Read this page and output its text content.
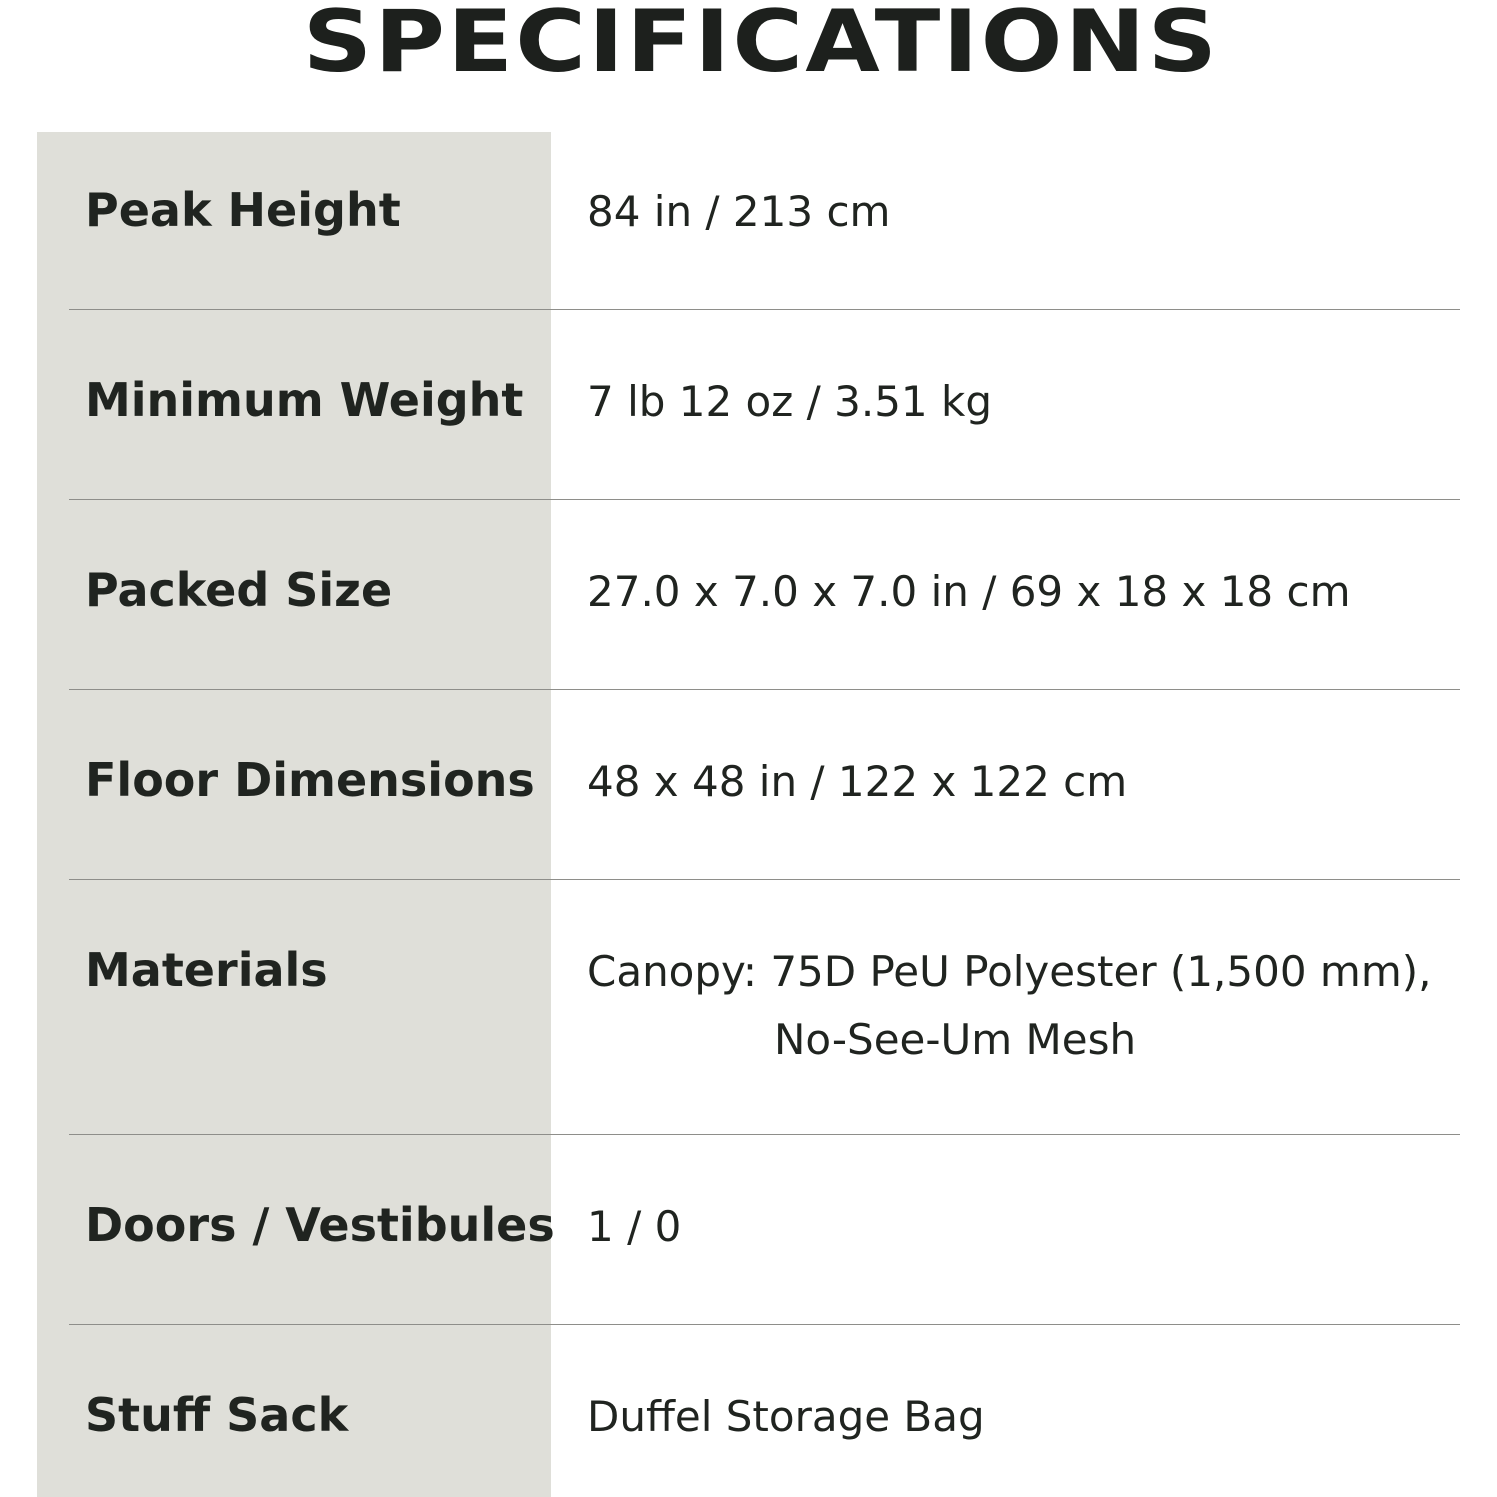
SPECIFICATIONS
Peak Height	84 in / 213 cm
Minimum Weight 7 lb 12 oz / 3.51 kg
Packed Size	27.0 x 7.0 x 7.0 in / 69 x 18 x 18 cm
Floor Dimensions 48 x 48 in / 122 x 122 cm
Materials	Canopy: 75D PeU Polyester (1,500 mm),
No-See-Um Mesh
Doors / Vestibules 1 / 0
Stuff Sack	Duffel Storage Bag
